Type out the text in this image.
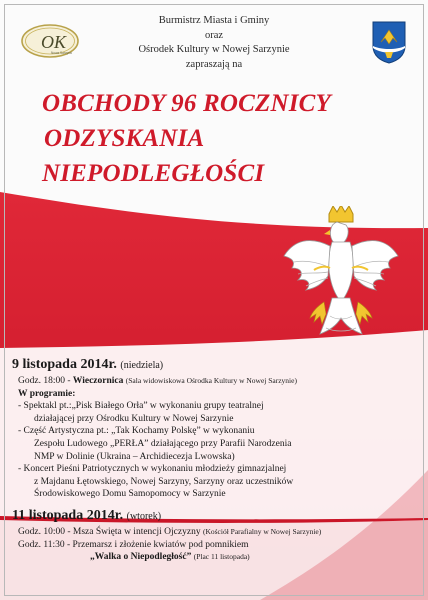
OK
Nowa Sarzyna
Burmistrz Miasta i Gminy
oraz
Ośrodek Kultury w Nowej Sarzynie
zapraszają na
OBCHODY 96 ROCZNICY
ODZYSKANIA
NIEPODLEGŁOŚCI
9 listopada 2014r. (niedziela)
Godz. 18:00 - Wieczornica (Sala widowiskowa Ośrodka Kultury w Nowej Sarzynie)
W programie:
- Spektakl pt.:„Pisk Białego Orła” w wykonaniu grupy teatralnej
działającej przy Ośrodku Kultury w Nowej Sarzynie
- Część Artystyczna pt.: „Tak Kochamy Polskę” w wykonaniu
Zespołu Ludowego „PERŁA” działającego przy Parafii Narodzenia
NMP w Dolinie (Ukraina – Archidiecezja Lwowska)
- Koncert Pieśni Patriotycznych w wykonaniu młodzieży gimnazjalnej
z Majdanu Łętowskiego, Nowej Sarzyny, Sarzyny oraz uczestników
Środowiskowego Domu Samopomocy w Sarzynie
11 listopada 2014r. (wtorek)
Godz. 10:00 - Msza Święta w intencji Ojczyzny (Kościół Parafialny w Nowej Sarzynie)
Godz. 11:30 - Przemarsz i złożenie kwiatów pod pomnikiem
„Walka o Niepodległość” (Plac 11 listopada)
